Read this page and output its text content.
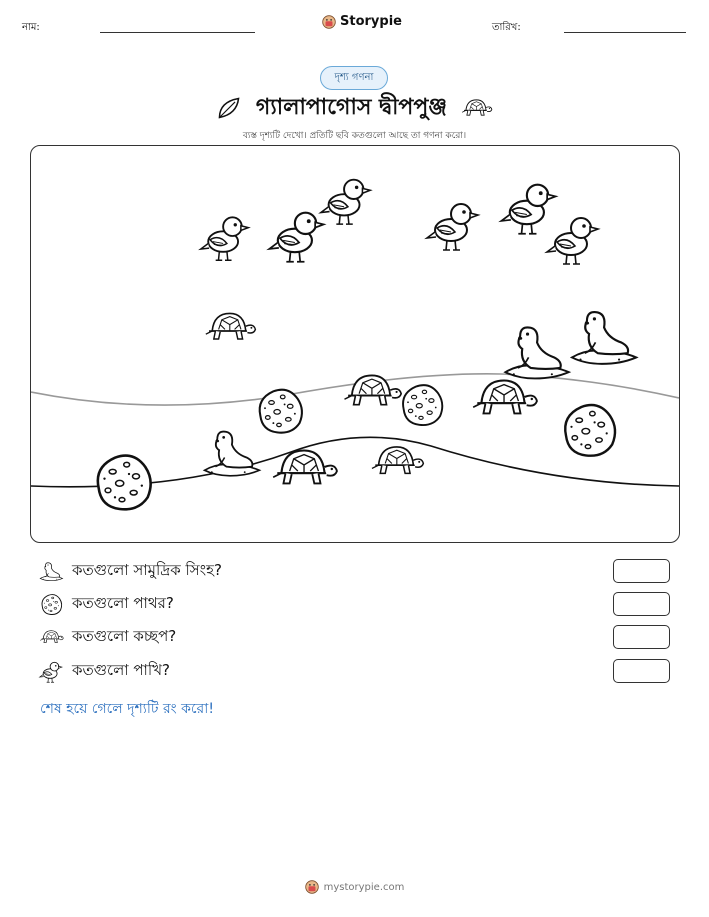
নাম:	Storypie	তারিখ:
দৃশ্য গণনা
গ্যালাপাগোস দ্বীপপুঞ্জ
ব্যস্ত দৃশ্যটি দেখো। প্রতিটি ছবি কতগুলো আছে তা গণনা করো।
কতগুলো সামুদ্রিক সিংহ?
কতগুলো পাথর?
কতগুলো কচ্ছপ?
কতগুলো পাখি?
শেষ হয়ে গেলে দৃশ্যটি রং করো!
mystorypie.com
